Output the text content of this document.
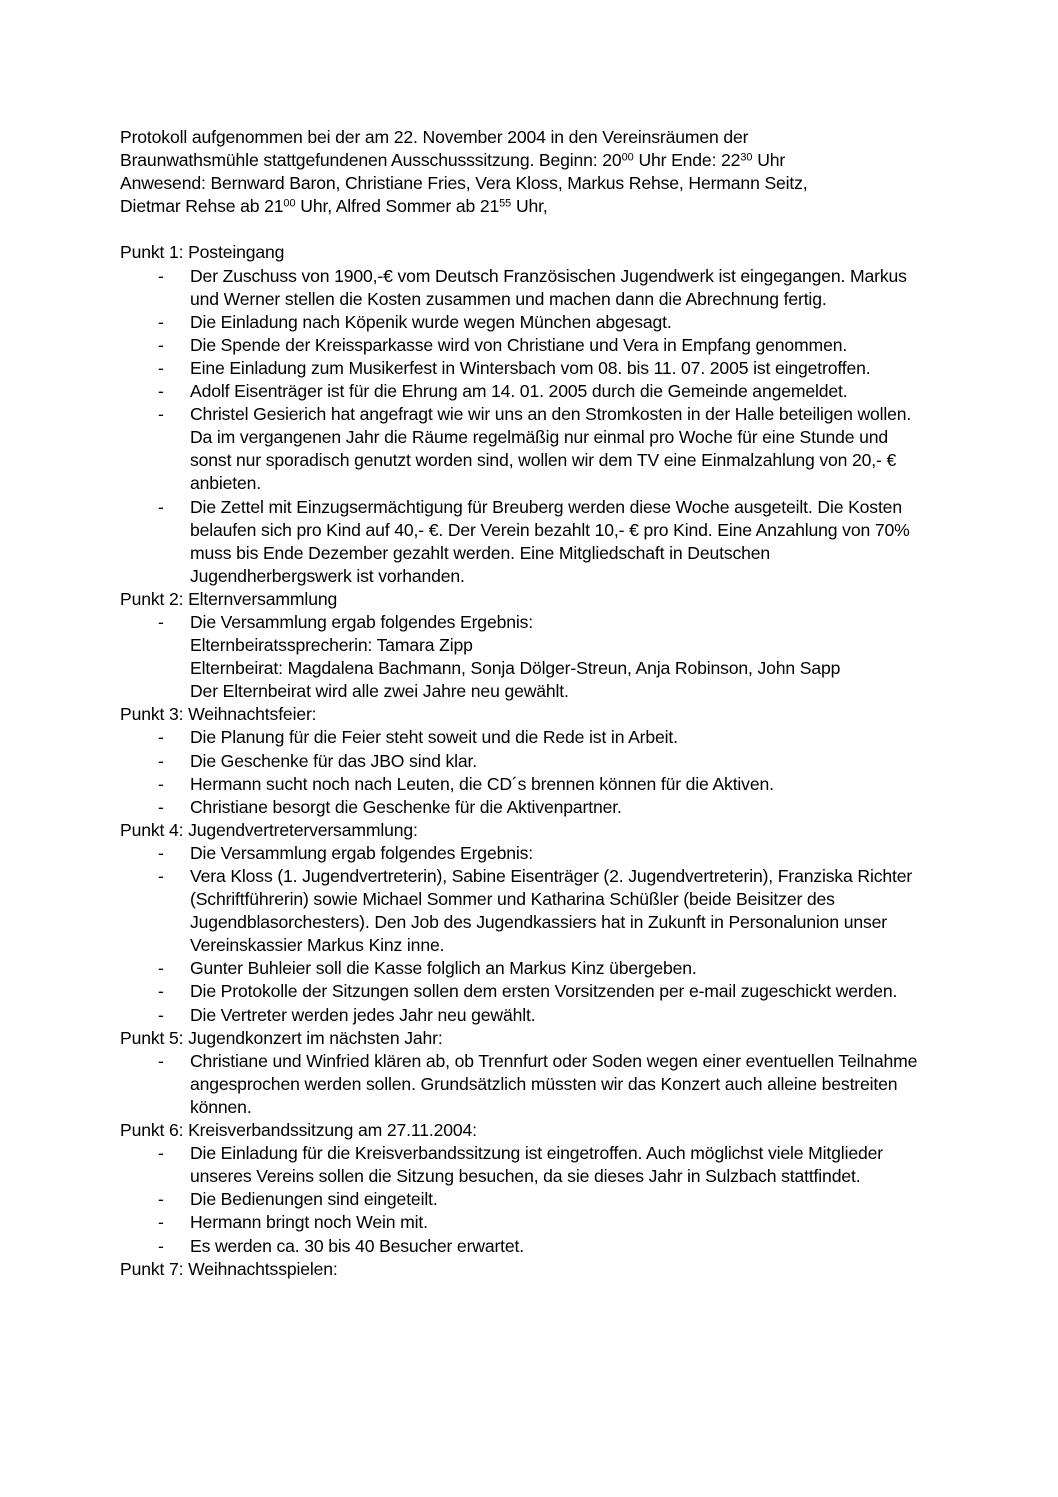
Protokoll aufgenommen bei der am 22. November 2004 in den Vereinsräumen der

Braunwathsmühle stattgefundenen Ausschusssitzung. Beginn: $20^{00}$ Uhr Ende: $22^{30}$ Uhr

Anwesend: Bernward Baron, Christiane Fries, Vera Kloss, Markus Rehse, Hermann Seitz,

Dietmar Rehse ab $21^{00}$ Uhr, Alfred Sommer ab $21^{55}$ Uhr,

Punkt 1: Posteingang

- Der Zuschuss von 1900,-€ vom Deutsch Französischen Jugendwerk ist eingegangen. Markus und Werner stellen die Kosten zusammen und machen dann die Abrechnung fertig.
- Die Einladung nach Köpenik wurde wegen München abgesagt.
- Die Spende der Kreissparkasse wird von Christiane und Vera in Empfang genommen.
- Eine Einladung zum Musikerfest in Wintersbach vom 08. bis 11. 07. 2005 ist eingetroffen.
- Adolf Eisenträger ist für die Ehrung am 14. 01. 2005 durch die Gemeinde angemeldet.
- Christel Gesierich hat angefragt wie wir uns an den Stromkosten in der Halle beteiligen wollen. Da im vergangenen Jahr die Räume regelmäßig nur einmal pro Woche für eine Stunde und sonst nur sporadisch genutzt worden sind, wollen wir dem TV eine Einmalzahlung von 20,- € anbieten.
- Die Zettel mit Einzugsermächtigung für Breuberg werden diese Woche ausgeteilt. Die Kosten belaufen sich pro Kind auf 40,- €. Der Verein bezahlt 10,- € pro Kind. Eine Anzahlung von 70% muss bis Ende Dezember gezahlt werden. Eine Mitgliedschaft in Deutschen Jugendherbergswerk ist vorhanden.

Punkt 2: Elternversammlung

- Die Versammlung ergab folgendes Ergebnis:
Elternbeiratssprecherin: Tamara Zipp
Elternbeirat: Magdalena Bachmann, Sonja Dölger-Streun, Anja Robinson, John Sapp
Der Elternbeirat wird alle zwei Jahre neu gewählt.

Punkt 3: Weihnachtsfeier:

- Die Planung für die Feier steht soweit und die Rede ist in Arbeit.
- Die Geschenke für das JBO sind klar.
- Hermann sucht noch nach Leuten, die CD´s brennen können für die Aktiven.
- Christiane besorgt die Geschenke für die Aktivenpartner.

Punkt 4: Jugendvertreterversammlung:

- Die Versammlung ergab folgendes Ergebnis:
- Vera Kloss (1. Jugendvertreterin), Sabine Eisenträger (2. Jugendvertreterin), Franziska Richter (Schriftführerin) sowie Michael Sommer und Katharina Schüßler (beide Beisitzer des Jugendblasorchesters). Den Job des Jugendkassiers hat in Zukunft in Personalunion unser Vereinskassier Markus Kinz inne.
- Gunter Buhleier soll die Kasse folglich an Markus Kinz übergeben.
- Die Protokolle der Sitzungen sollen dem ersten Vorsitzenden per e-mail zugeschickt werden.
- Die Vertreter werden jedes Jahr neu gewählt.

Punkt 5: Jugendkonzert im nächsten Jahr:

- Christiane und Winfried klären ab, ob Trennfurt oder Soden wegen einer eventuellen Teilnahme angesprochen werden sollen. Grundsätzlich müssten wir das Konzert auch alleine bestreiten können.

Punkt 6: Kreisverbandssitzung am 27.11.2004:

- Die Einladung für die Kreisverbandssitzung ist eingetroffen. Auch möglichst viele Mitglieder unseres Vereins sollen die Sitzung besuchen, da sie dieses Jahr in Sulzbach stattfindet.
- Die Bedienungen sind eingeteilt.
- Hermann bringt noch Wein mit.
- Es werden ca. 30 bis 40 Besucher erwartet.

Punkt 7: Weihnachtsspielen:
